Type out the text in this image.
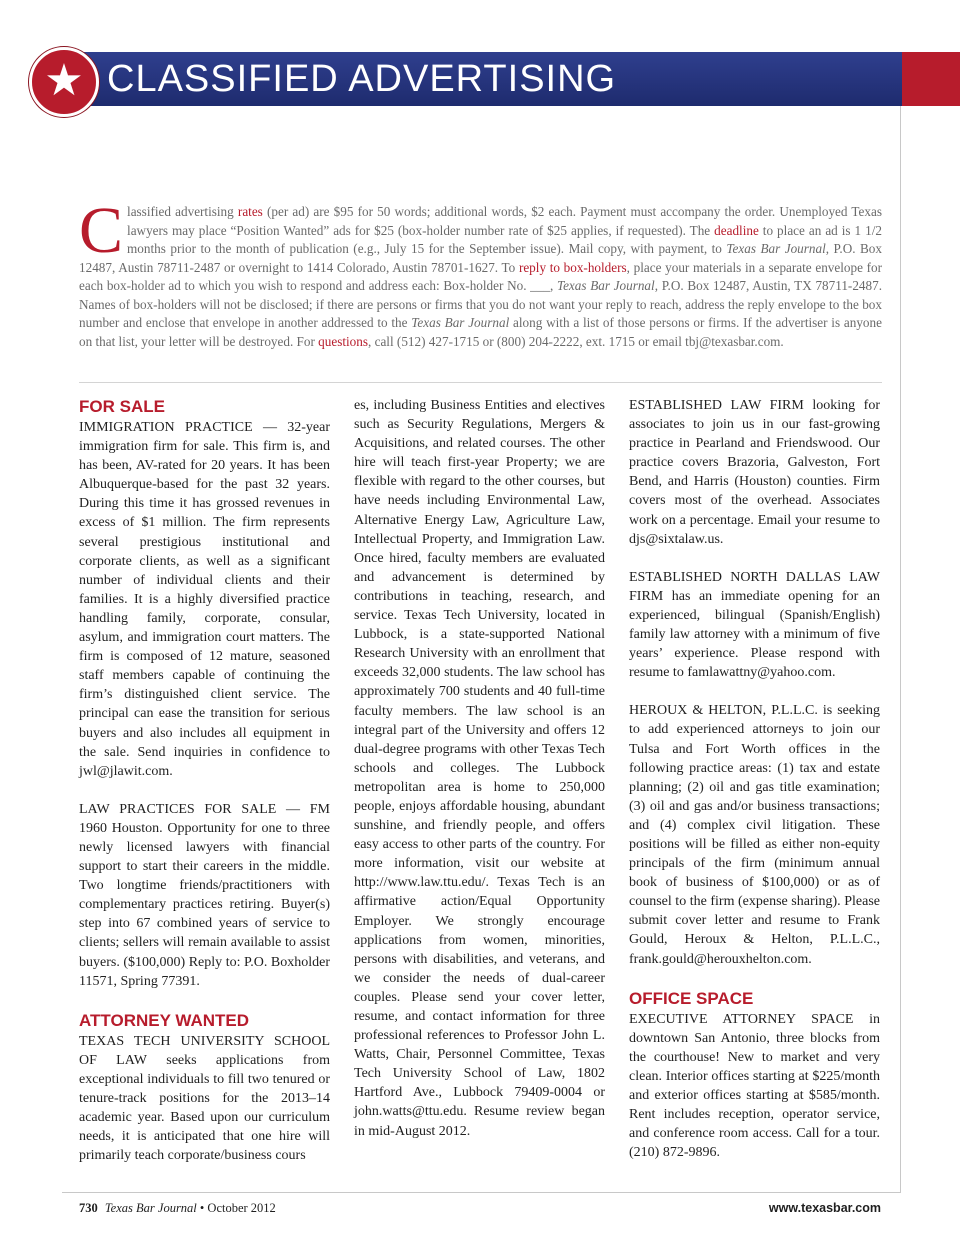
★ CLASSIFIED ADVERTISING
Classified advertising rates (per ad) are $95 for 50 words; additional words, $2 each. Payment must accompany the order. Unemployed Texas lawyers may place “Position Wanted” ads for $25 (box-holder number rate of $25 applies, if requested). The deadline to place an ad is 1 1/2 months prior to the month of publication (e.g., July 15 for the September issue). Mail copy, with payment, to Texas Bar Journal, P.O. Box 12487, Austin 78711-2487 or overnight to 1414 Colorado, Austin 78701-1627. To reply to box-holders, place your materials in a separate envelope for each box-holder ad to which you wish to respond and address each: Box-holder No. ___, Texas Bar Journal, P.O. Box 12487, Austin, TX 78711-2487. Names of box-holders will not be disclosed; if there are persons or firms that you do not want your reply to reach, address the reply envelope to the box number and enclose that envelope in another addressed to the Texas Bar Journal along with a list of those persons or firms. If the advertiser is anyone on that list, your letter will be destroyed. For questions, call (512) 427-1715 or (800) 204-2222, ext. 1715 or email tbj@texasbar.com.
FOR SALE
IMMIGRATION PRACTICE — 32-year immigration firm for sale. This firm is, and has been, AV-rated for 20 years. It has been Albuquerque-based for the past 32 years. During this time it has grossed revenues in excess of $1 million. The firm represents several prestigious institutional and corporate clients, as well as a significant number of individual clients and their families. It is a highly diversified practice handling family, corporate, consular, asylum, and immigration court matters. The firm is composed of 12 mature, seasoned staff members capable of continuing the firm’s distinguished client service. The principal can ease the transition for serious buyers and also includes all equipment in the sale. Send inquiries in confidence to jwl@jlawit.com.
LAW PRACTICES FOR SALE — FM 1960 Houston. Opportunity for one to three newly licensed lawyers with financial support to start their careers in the middle. Two longtime friends/practitioners with complementary practices retiring. Buyer(s) step into 67 combined years of service to clients; sellers will remain available to assist buyers. ($100,000) Reply to: P.O. Boxholder 11571, Spring 77391.
ATTORNEY WANTED
TEXAS TECH UNIVERSITY SCHOOL OF LAW seeks applications from exceptional individuals to fill two tenured or tenure-track positions for the 2013–14 academic year. Based upon our curriculum needs, it is anticipated that one hire will primarily teach corporate/business cours
es, including Business Entities and electives such as Security Regulations, Mergers & Acquisitions, and related courses. The other hire will teach first-year Property; we are flexible with regard to the other courses, but have needs including Environmental Law, Alternative Energy Law, Agriculture Law, Intellectual Property, and Immigration Law. Once hired, faculty members are evaluated and advancement is determined by contributions in teaching, research, and service. Texas Tech University, located in Lubbock, is a state-supported National Research University with an enrollment that exceeds 32,000 students. The law school has approximately 700 students and 40 full-time faculty members. The law school is an integral part of the University and offers 12 dual-degree programs with other Texas Tech schools and colleges. The Lubbock metropolitan area is home to 250,000 people, enjoys affordable housing, abundant sunshine, and friendly people, and offers easy access to other parts of the country. For more information, visit our website at http://www.law.ttu.edu/. Texas Tech is an affirmative action/Equal Opportunity Employer. We strongly encourage applications from women, minorities, persons with disabilities, and veterans, and we consider the needs of dual-career couples. Please send your cover letter, resume, and contact information for three professional references to Professor John L. Watts, Chair, Personnel Committee, Texas Tech University School of Law, 1802 Hartford Ave., Lubbock 79409-0004 or john.watts@ttu.edu. Resume review began in mid-August 2012.
ESTABLISHED LAW FIRM looking for associates to join us in our fast-growing practice in Pearland and Friendswood. Our practice covers Brazoria, Galveston, Fort Bend, and Harris (Houston) counties. Firm covers most of the overhead. Associates work on a percentage. Email your resume to djs@sixtalaw.us.
ESTABLISHED NORTH DALLAS LAW FIRM has an immediate opening for an experienced, bilingual (Spanish/English) family law attorney with a minimum of five years’ experience. Please respond with resume to famlawattny@yahoo.com.
HEROUX & HELTON, P.L.L.C. is seeking to add experienced attorneys to join our Tulsa and Fort Worth offices in the following practice areas: (1) tax and estate planning; (2) oil and gas title examination; (3) oil and gas and/or business transactions; and (4) complex civil litigation. These positions will be filled as either non-equity principals of the firm (minimum annual book of business of $100,000) or as of counsel to the firm (expense sharing). Please submit cover letter and resume to Frank Gould, Heroux & Helton, P.L.L.C., frank.gould@herouxhelton.com.
OFFICE SPACE
EXECUTIVE ATTORNEY SPACE in downtown San Antonio, three blocks from the courthouse! New to market and very clean. Interior offices starting at $225/month and exterior offices starting at $585/month. Rent includes reception, operator service, and conference room access. Call for a tour. (210) 872-9896.
730 Texas Bar Journal • October 2012	www.texasbar.com
